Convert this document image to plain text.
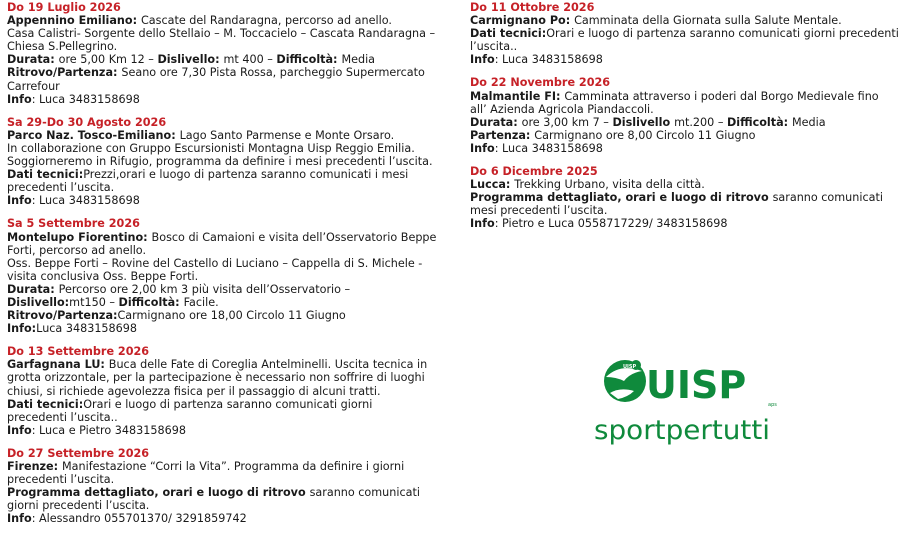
Do 19 Luglio 2026
Appennino Emiliano: Cascate del Randaragna, percorso ad anello.
Casa Calistri- Sorgente dello Stellaio – M. Toccacielo – Cascata Randaragna –
Chiesa S.Pellegrino.
Durata: ore 5,00 Km 12 – Dislivello: mt 400 – Difficoltà: Media
Ritrovo/Partenza: Seano ore 7,30 Pista Rossa, parcheggio Supermercato
Carrefour
Info: Luca 3483158698
Sa 29-Do 30 Agosto 2026
Parco Naz. Tosco-Emiliano: Lago Santo Parmense e Monte Orsaro.
In collaborazione con Gruppo Escursionisti Montagna Uisp Reggio Emilia.
Soggiorneremo in Rifugio, programma da definire i mesi precedenti l’uscita.
Dati tecnici:Prezzi,orari e luogo di partenza saranno comunicati i mesi
precedenti l’uscita.
Info: Luca 3483158698
Sa 5 Settembre 2026
Montelupo Fiorentino: Bosco di Camaioni e visita dell’Osservatorio Beppe
Forti, percorso ad anello.
Oss. Beppe Forti – Rovine del Castello di Luciano – Cappella di S. Michele -
visita conclusiva Oss. Beppe Forti.
Durata: Percorso ore 2,00 km 3 più visita dell’Osservatorio –
Dislivello:mt150 – Difficoltà: Facile.
Ritrovo/Partenza:Carmignano ore 18,00 Circolo 11 Giugno
Info:Luca 3483158698
Do 13 Settembre 2026
Garfagnana LU: Buca delle Fate di Coreglia Antelminelli. Uscita tecnica in
grotta orizzontale, per la partecipazione è necessario non soffrire di luoghi
chiusi, si richiede agevolezza fisica per il passaggio di alcuni tratti.
Dati tecnici:Orari e luogo di partenza saranno comunicati giorni
precedenti l’uscita..
Info: Luca e Pietro 3483158698
Do 27 Settembre 2026
Firenze: Manifestazione “Corri la Vita”. Programma da definire i giorni
precedenti l’uscita.
Programma dettagliato, orari e luogo di ritrovo saranno comunicati
giorni precedenti l’uscita.
Info: Alessandro 055701370/ 3291859742
Do 11 Ottobre 2026
Carmignano Po: Camminata della Giornata sulla Salute Mentale.
Dati tecnici:Orari e luogo di partenza saranno comunicati giorni precedenti
l’uscita..
Info: Luca 3483158698
Do 22 Novembre 2026
Malmantile FI: Camminata attraverso i poderi dal Borgo Medievale fino
all’ Azienda Agricola Piandaccoli.
Durata: ore 3,00 km 7 – Dislivello mt.200 – Difficoltà: Media
Partenza: Carmignano ore 8,00 Circolo 11 Giugno
Info: Luca 3483158698
Do 6 Dicembre 2025
Lucca: Trekking Urbano, visita della città.
Programma dettagliato, orari e luogo di ritrovo saranno comunicati
mesi precedenti l’uscita.
Info: Pietro e Luca 0558717229/ 3483158698
UISP UISP	aps
sportpertutti
